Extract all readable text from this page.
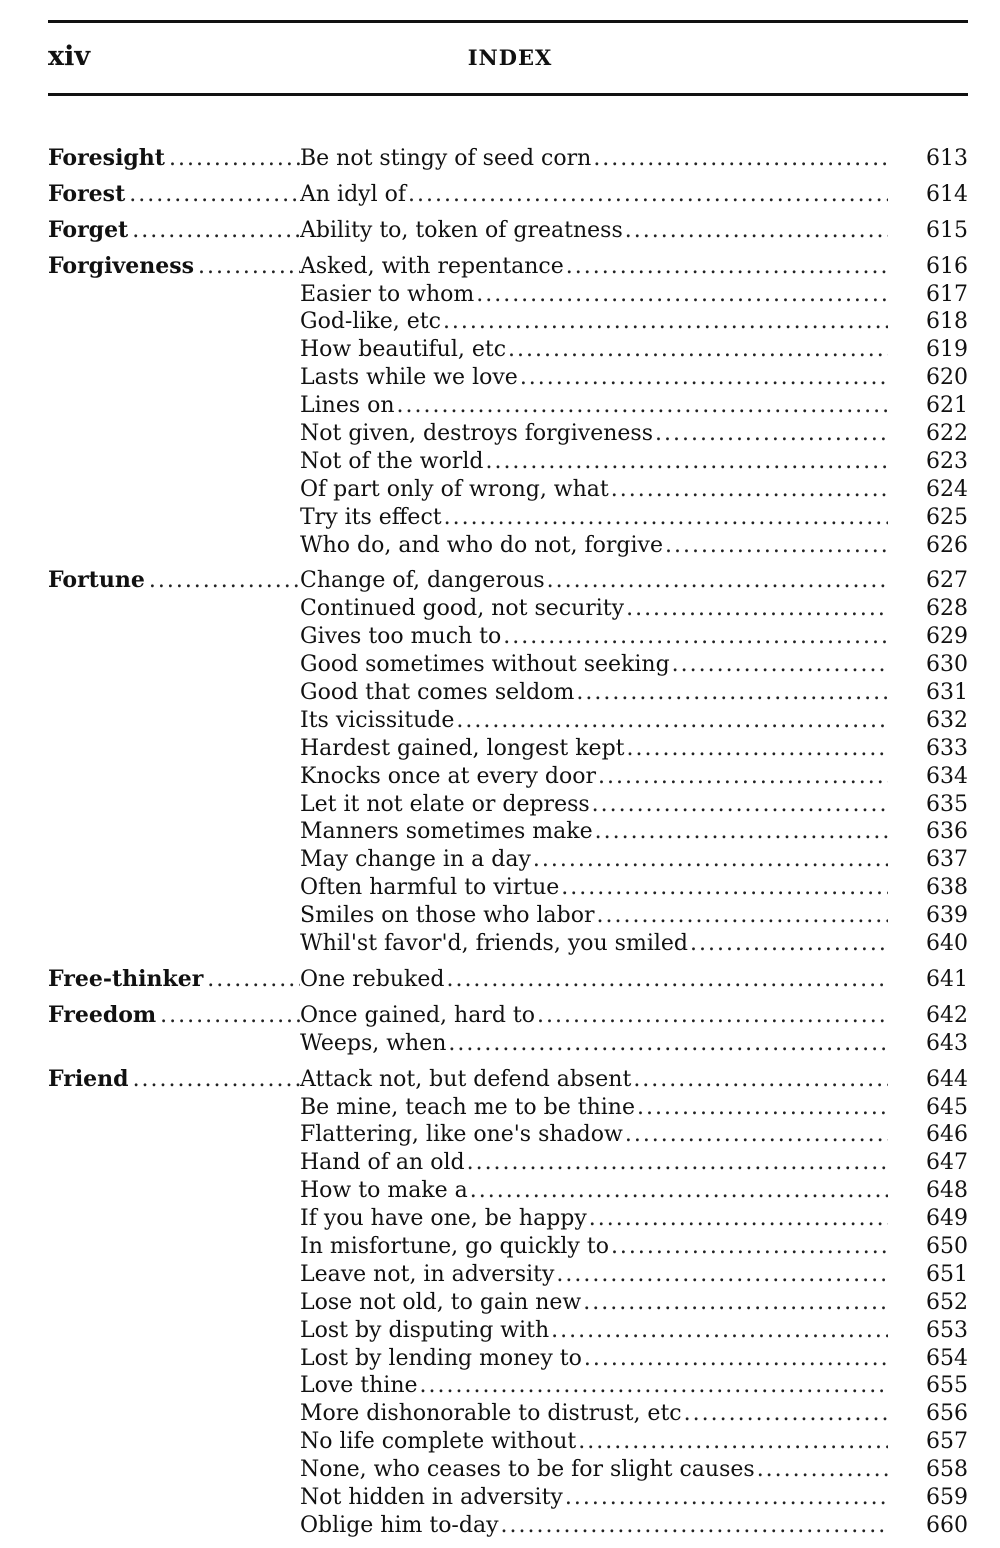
xiv	INDEX
Foresight .....	Be not stingy of seed corn .....	613
Forest .....	An idyl of .....	614
Forget .....	Ability to, token of greatness .....	615
Forgiveness .....	Asked, with repentance .....	616
Easier to whom .....	617
God-like, etc .....	618
How beautiful, etc .....	619
Lasts while we love .....	620
Lines on .....	621
Not given, destroys forgiveness .....	622
Not of the world .....	623
Of part only of wrong, what .....	624
Try its effect .....	625
Who do, and who do not, forgive .....	626
Fortune .....	Change of, dangerous .....	627
Continued good, not security .....	628
Gives too much to .....	629
Good sometimes without seeking .....	630
Good that comes seldom .....	631
Its vicissitude .....	632
Hardest gained, longest kept .....	633
Knocks once at every door .....	634
Let it not elate or depress .....	635
Manners sometimes make .....	636
May change in a day .....	637
Often harmful to virtue .....	638
Smiles on those who labor .....	639
Whil'st favor'd, friends, you smiled .....	640
Free-thinker .....	One rebuked .....	641
Freedom .....	Once gained, hard to .....	642
Weeps, when .....	643
Friend .....	Attack not, but defend absent .....	644
Be mine, teach me to be thine .....	645
Flattering, like one's shadow .....	646
Hand of an old .....	647
How to make a .....	648
If you have one, be happy .....	649
In misfortune, go quickly to .....	650
Leave not, in adversity .....	651
Lose not old, to gain new .....	652
Lost by disputing with .....	653
Lost by lending money to .....	654
Love thine .....	655
More dishonorable to distrust, etc .....	656
No life complete without .....	657
None, who ceases to be for slight causes .....	658
Not hidden in adversity .....	659
Oblige him to-day .....	660
